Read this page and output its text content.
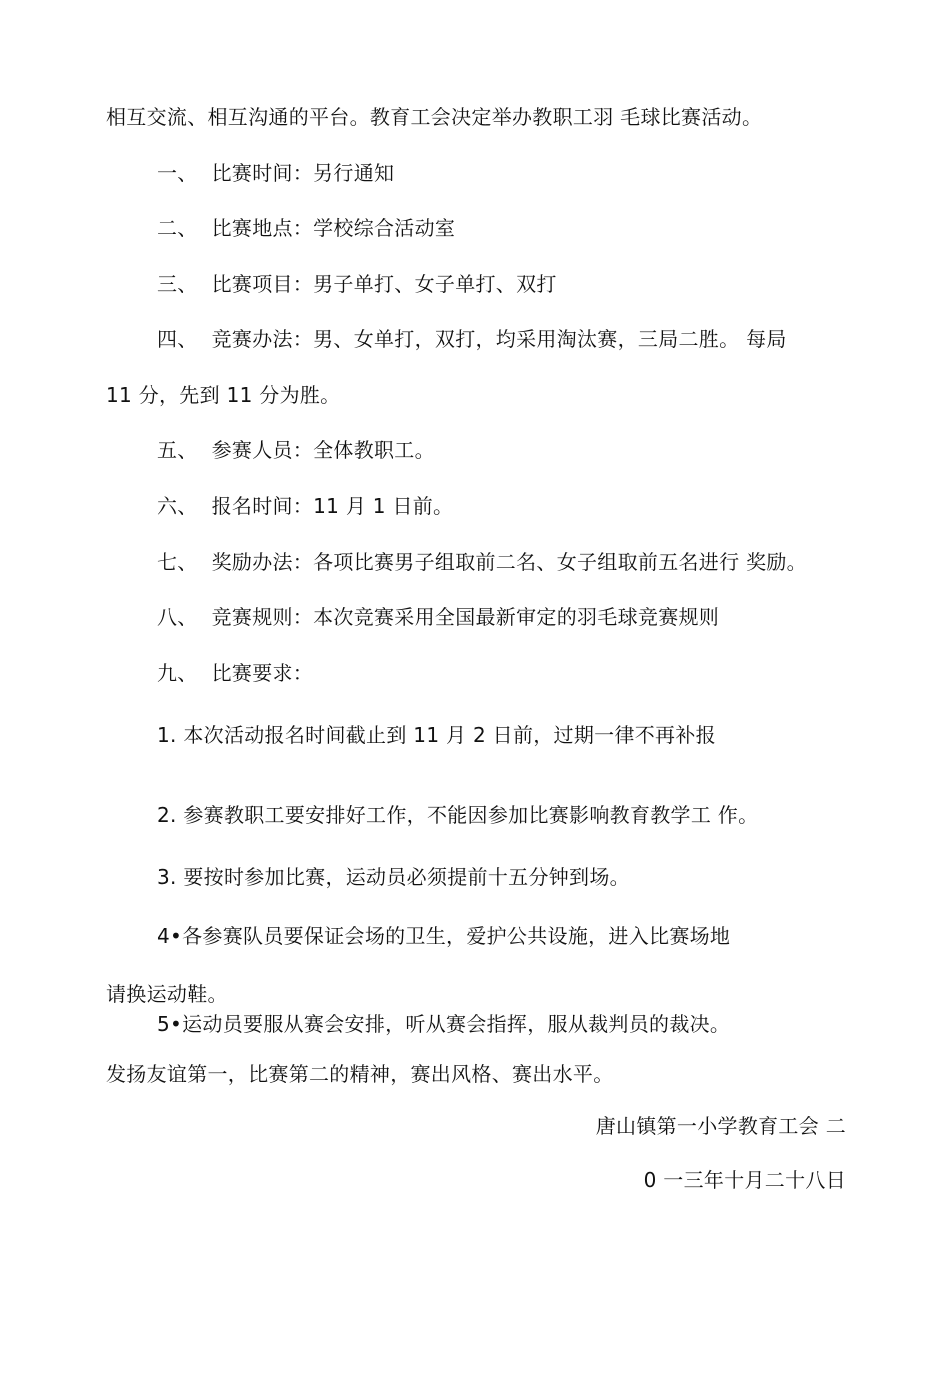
相互交流、相互沟通的平台。教育工会决定举办教职工羽 毛球比赛活动。
一、 比赛时间：另行通知
二、 比赛地点：学校综合活动室
三、 比赛项目：男子单打、女子单打、双打
四、 竞赛办法：男、女单打，双打，均采用淘汰赛，三局二胜。 每局
11 分，先到 11 分为胜。
五、 参赛人员：全体教职工。
六、 报名时间：11 月 1 日前。
七、 奖励办法：各项比赛男子组取前二名、女子组取前五名进行 奖励。
八、 竞赛规则：本次竞赛采用全国最新审定的羽毛球竞赛规则
九、 比赛要求：
1. 本次活动报名时间截止到 11 月 2 日前，过期一律不再补报
2. 参赛教职工要安排好工作，不能因参加比赛影响教育教学工 作。
3. 要按时参加比赛，运动员必须提前十五分钟到场。
4•各参赛队员要保证会场的卫生，爱护公共设施，进入比赛场地
请换运动鞋。
5•运动员要服从赛会安排，听从赛会指挥，服从裁判员的裁决。
发扬友谊第一，比赛第二的精神，赛出风格、赛出水平。
唐山镇第一小学教育工会 二
0 一三年十月二十八日
